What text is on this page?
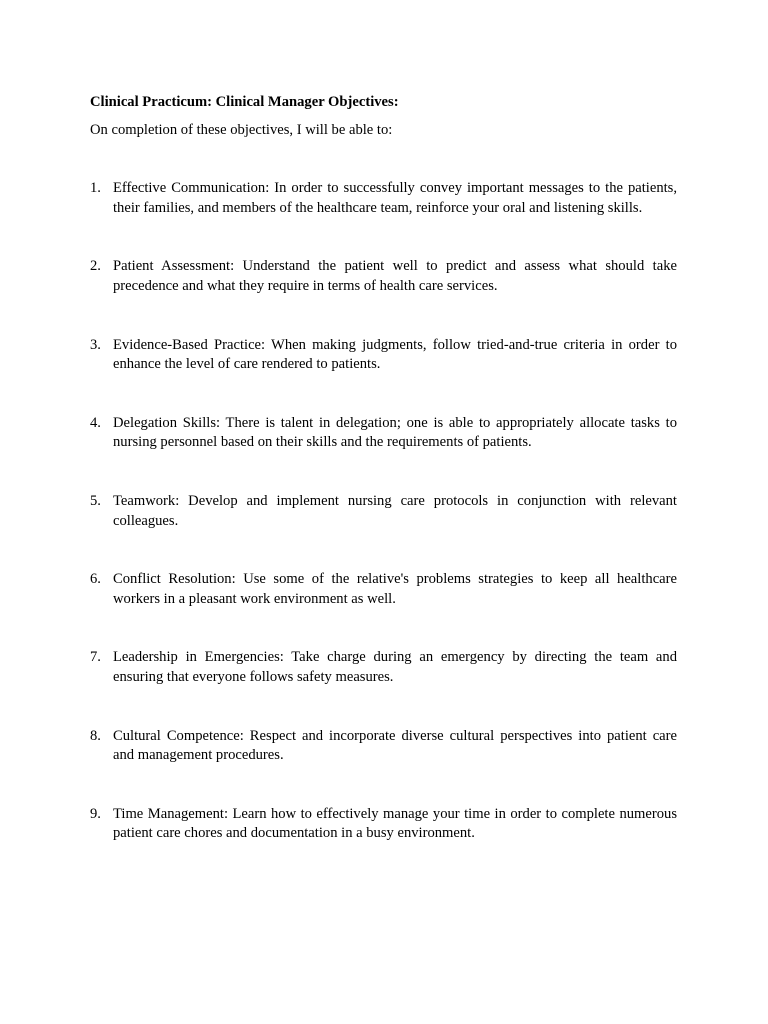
Clinical Practicum: Clinical Manager Objectives:

On completion of these objectives, I will be able to:

1. Effective Communication: In order to successfully convey important messages to the patients, their families, and members of the healthcare team, reinforce your oral and listening skills.
2. Patient Assessment: Understand the patient well to predict and assess what should take precedence and what they require in terms of health care services.
3. Evidence-Based Practice: When making judgments, follow tried-and-true criteria in order to enhance the level of care rendered to patients.
4. Delegation Skills: There is talent in delegation; one is able to appropriately allocate tasks to nursing personnel based on their skills and the requirements of patients.
5. Teamwork: Develop and implement nursing care protocols in conjunction with relevant colleagues.
6. Conflict Resolution: Use some of the relative's problems strategies to keep all healthcare workers in a pleasant work environment as well.
7. Leadership in Emergencies: Take charge during an emergency by directing the team and ensuring that everyone follows safety measures.
8. Cultural Competence: Respect and incorporate diverse cultural perspectives into patient care and management procedures.
9. Time Management: Learn how to effectively manage your time in order to complete numerous patient care chores and documentation in a busy environment.
